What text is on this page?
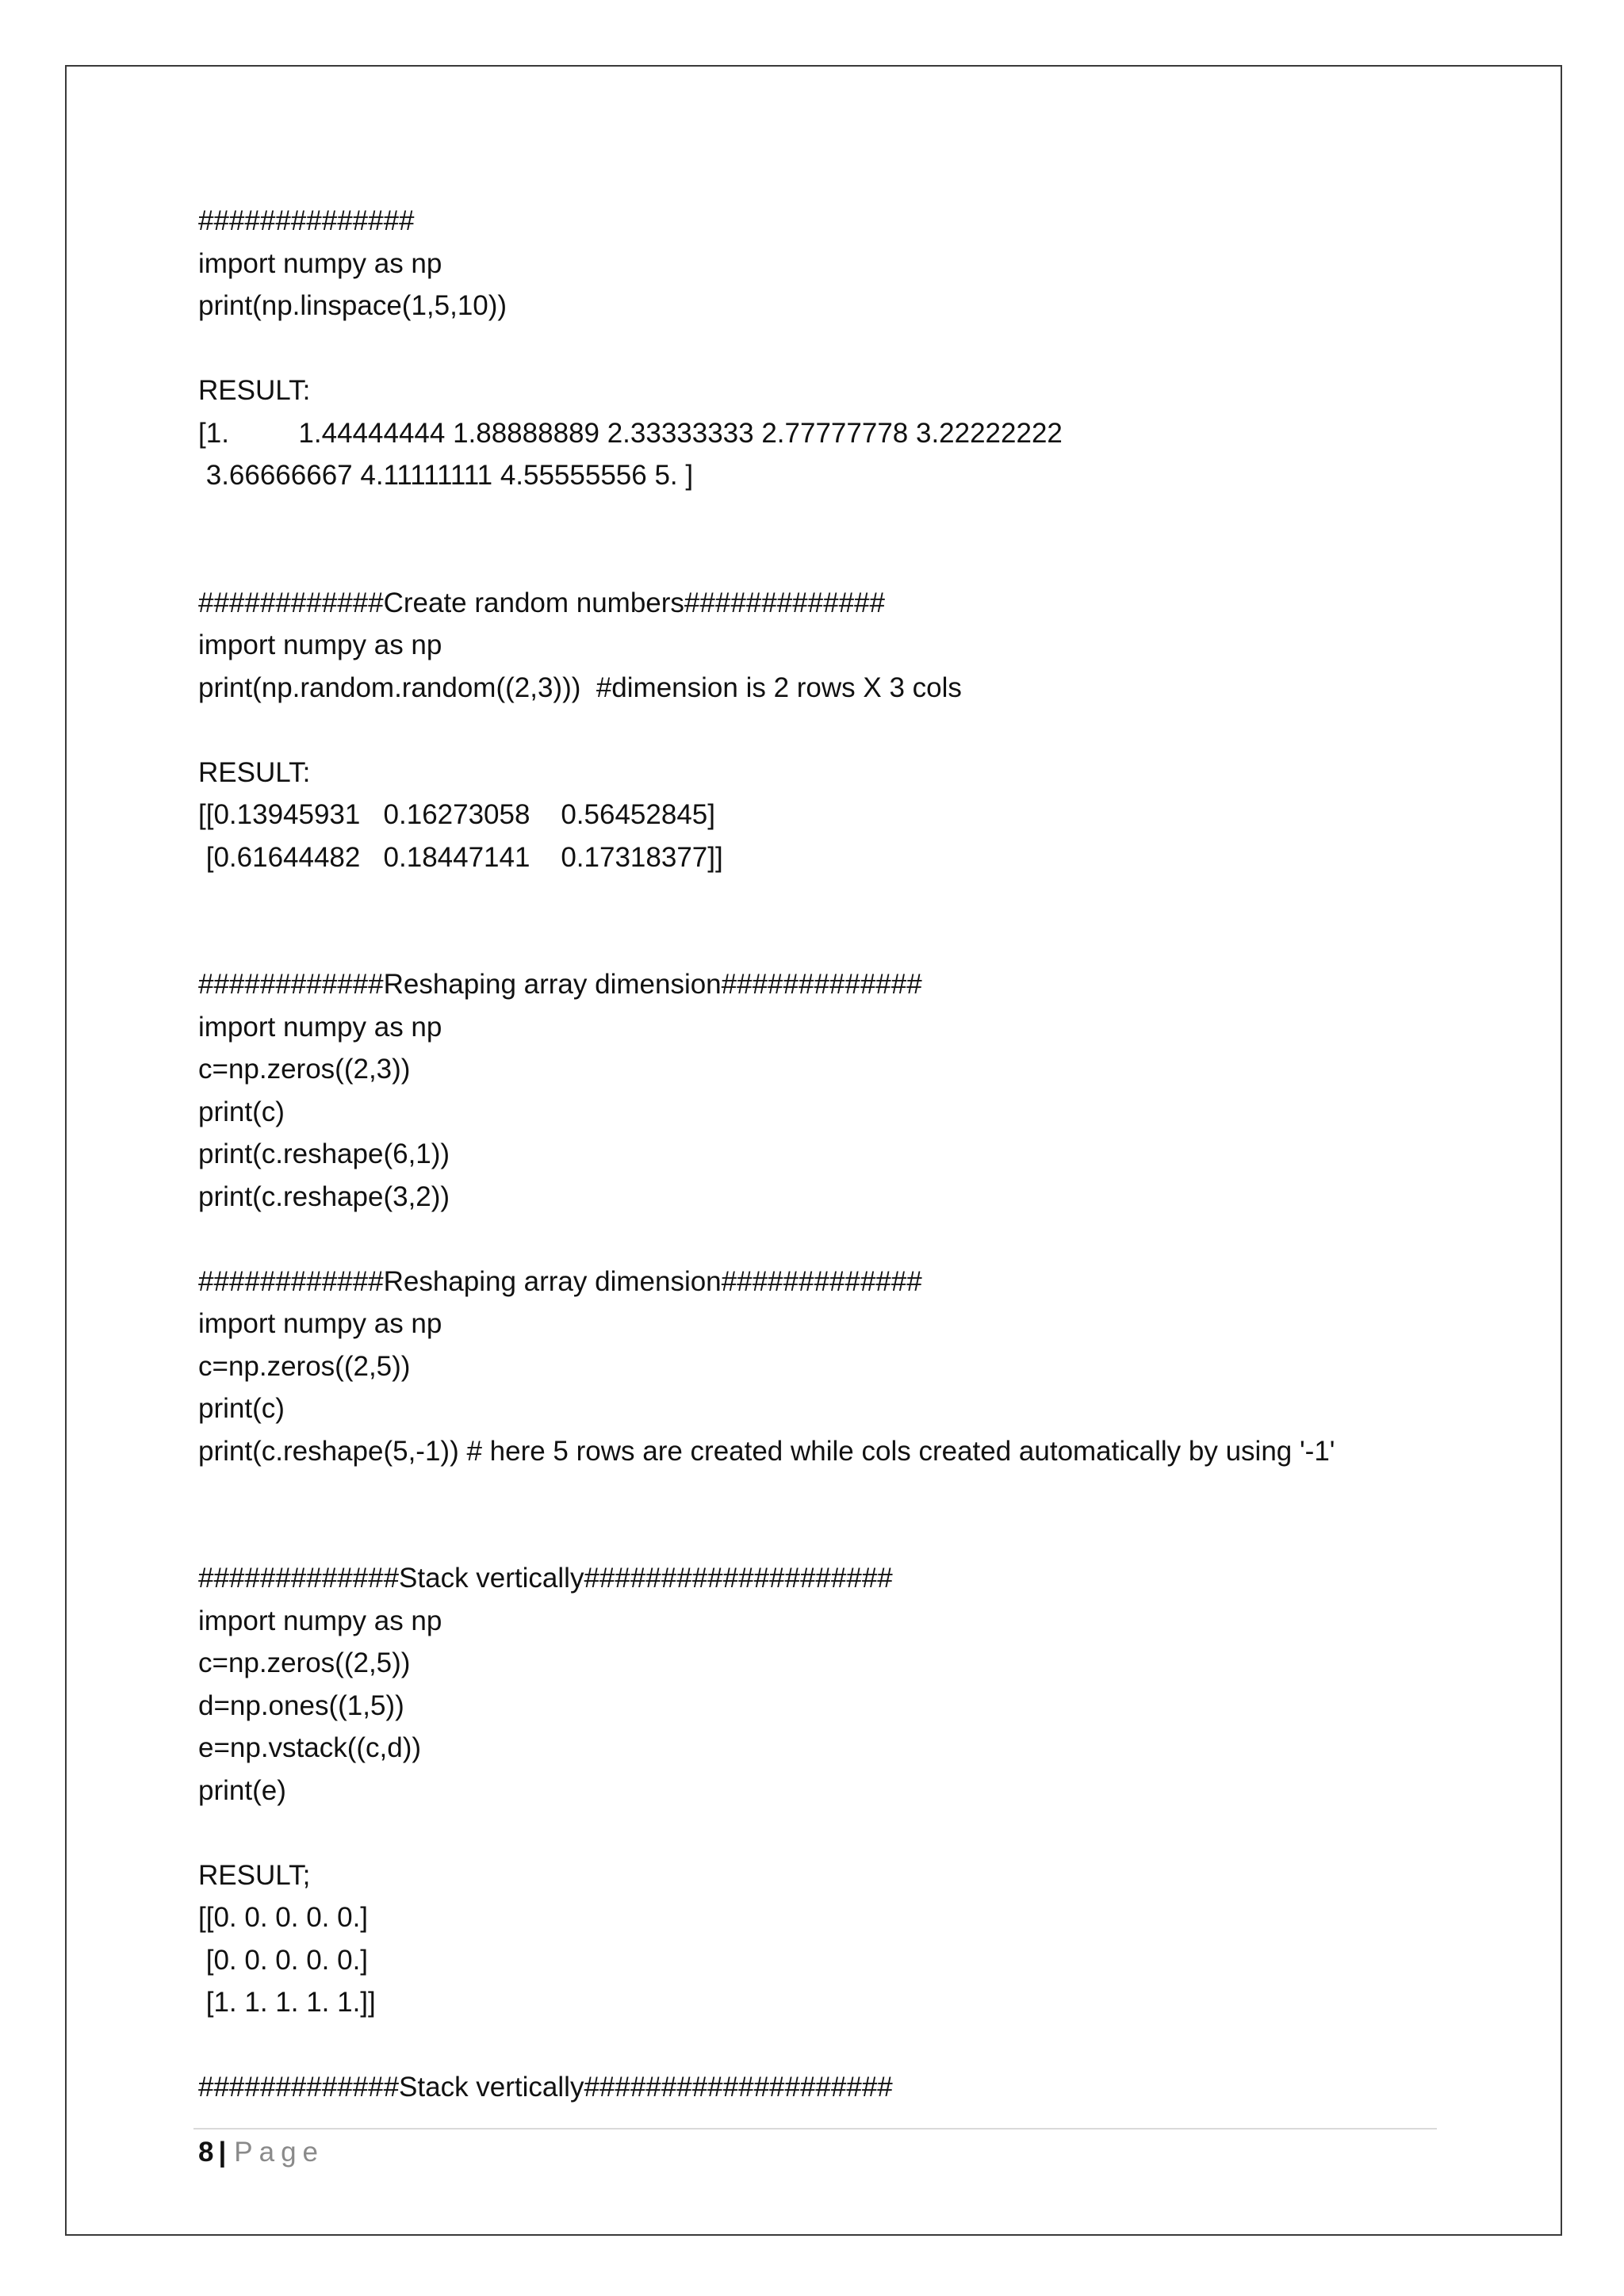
##############
import numpy as np
print(np.linspace(1,5,10))
RESULT:
[1.         1.44444444 1.88888889 2.33333333 2.77777778 3.22222222
3.66666667 4.11111111 4.55555556 5. ]
############Create random numbers#############
import numpy as np
print(np.random.random((2,3)))  #dimension is 2 rows X 3 cols
RESULT:
[[0.13945931   0.16273058    0.56452845]
[0.61644482   0.18447141    0.17318377]]
############Reshaping array dimension#############
import numpy as np
c=np.zeros((2,3))
print(c)
print(c.reshape(6,1))
print(c.reshape(3,2))
############Reshaping array dimension#############
import numpy as np
c=np.zeros((2,5))
print(c)
print(c.reshape(5,-1)) # here 5 rows are created while cols created automatically by using '-1'
#############Stack vertically####################
import numpy as np
c=np.zeros((2,5))
d=np.ones((1,5))
e=np.vstack((c,d))
print(e)
RESULT;
[[0. 0. 0. 0. 0.]
[0. 0. 0. 0. 0.]
[1. 1. 1. 1. 1.]]
#############Stack vertically####################
8 | Page
